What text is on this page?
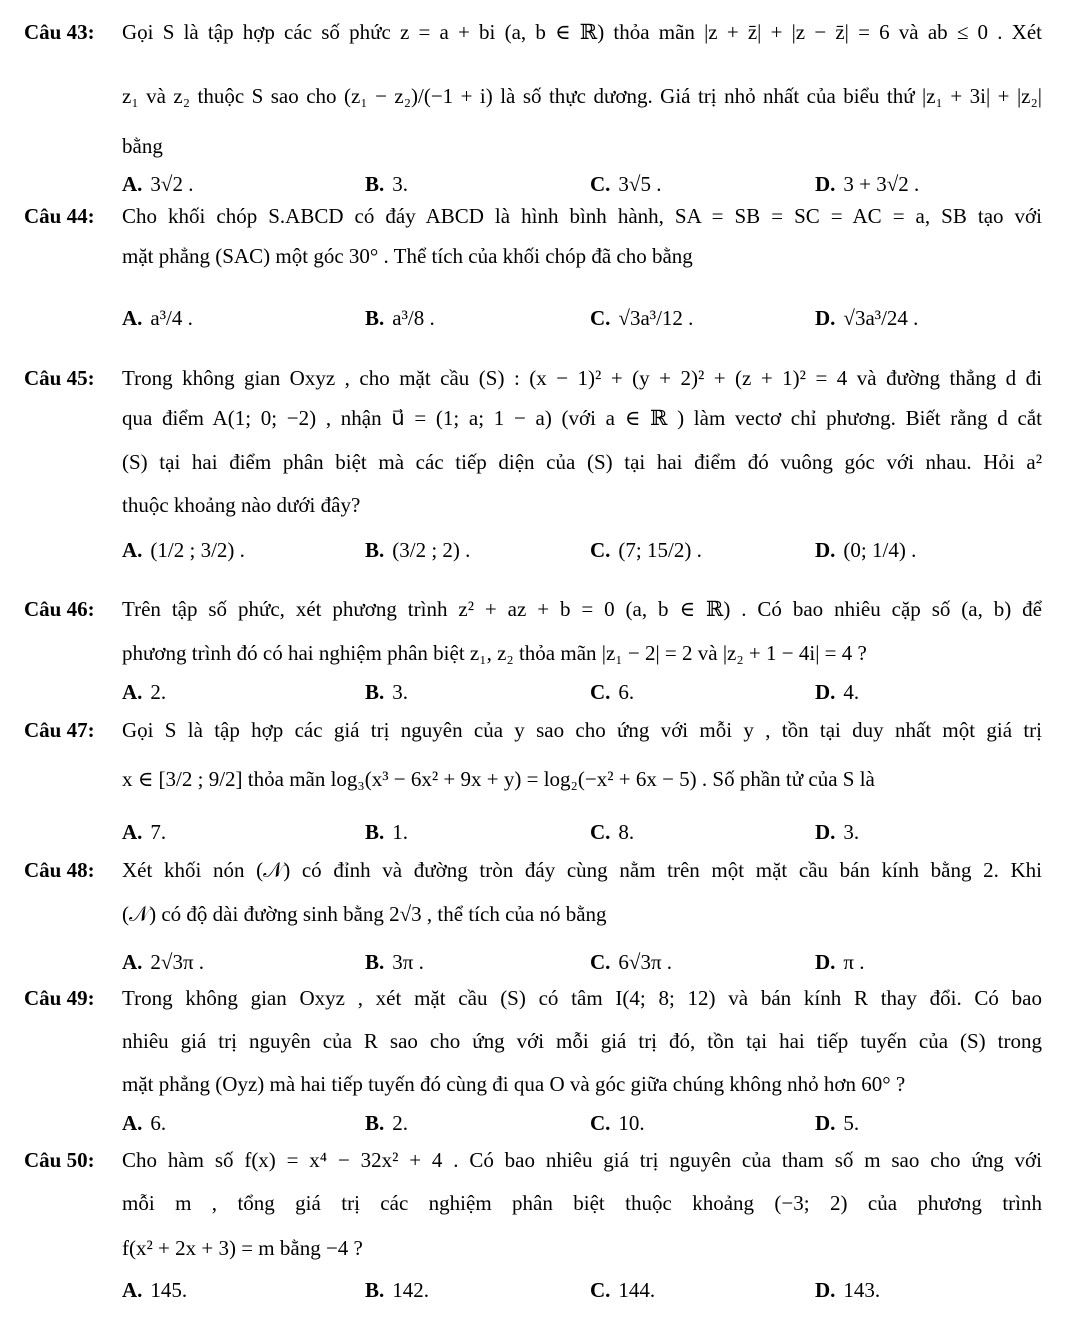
Câu 43: Gọi S là tập hợp các số phức z = a + bi (a, b ∈ ℝ) thỏa mãn |z + z̄| + |z − z̄| = 6 và ab ≤ 0 . Xét
z₁ và z₂ thuộc S sao cho (z₁ − z₂)/(−1 + i) là số thực dương. Giá trị nhỏ nhất của biểu thứ |z₁ + 3i| + |z₂|
bằng
A. 3√2 .	B. 3.	C. 3√5 .	D. 3 + 3√2 .
Câu 44: Cho khối chóp S.ABCD có đáy ABCD là hình bình hành, SA = SB = SC = AC = a, SB tạo với
mặt phẳng (SAC) một góc 30° . Thể tích của khối chóp đã cho bằng
A. a³/4 .	B. a³/8 .	C. √3a³/12 .	D. √3a³/24 .
Câu 45: Trong không gian Oxyz , cho mặt cầu (S) : (x − 1)² + (y + 2)² + (z + 1)² = 4 và đường thẳng d đi
qua điểm A(1; 0; −2) , nhận u⃗ = (1; a; 1 − a) (với a ∈ ℝ ) làm vectơ chỉ phương. Biết rằng d cắt
(S) tại hai điểm phân biệt mà các tiếp diện của (S) tại hai điểm đó vuông góc với nhau. Hỏi a²
thuộc khoảng nào dưới đây?
A. (1/2 ; 3/2) .	B. (3/2 ; 2) .	C. (7; 15/2) .	D. (0; 1/4) .
Câu 46: Trên tập số phức, xét phương trình z² + az + b = 0 (a, b ∈ ℝ) . Có bao nhiêu cặp số (a, b) để
phương trình đó có hai nghiệm phân biệt z₁, z₂ thỏa mãn |z₁ − 2| = 2 và |z₂ + 1 − 4i| = 4 ?
A. 2.	B. 3.	C. 6.	D. 4.
Câu 47: Gọi S là tập hợp các giá trị nguyên của y sao cho ứng với mỗi y , tồn tại duy nhất một giá trị
x ∈ [3/2 ; 9/2] thỏa mãn log₃(x³ − 6x² + 9x + y) = log₂(−x² + 6x − 5) . Số phần tử của S là
A. 7.	B. 1.	C. 8.	D. 3.
Câu 48: Xét khối nón (𝒩) có đỉnh và đường tròn đáy cùng nằm trên một mặt cầu bán kính bằng 2. Khi
(𝒩) có độ dài đường sinh bằng 2√3 , thể tích của nó bằng
A. 2√3π .	B. 3π .	C. 6√3π .	D. π .
Câu 49: Trong không gian Oxyz , xét mặt cầu (S) có tâm I(4; 8; 12) và bán kính R thay đổi. Có bao
nhiêu giá trị nguyên của R sao cho ứng với mỗi giá trị đó, tồn tại hai tiếp tuyến của (S) trong
mặt phẳng (Oyz) mà hai tiếp tuyến đó cùng đi qua O và góc giữa chúng không nhỏ hơn 60° ?
A. 6.	B. 2.	C. 10.	D. 5.
Câu 50: Cho hàm số f(x) = x⁴ − 32x² + 4 . Có bao nhiêu giá trị nguyên của tham số m sao cho ứng với
mỗi m , tổng giá trị các nghiệm phân biệt thuộc khoảng (−3; 2) của phương trình
f(x² + 2x + 3) = m bằng −4 ?
A. 145.	B. 142.	C. 144.	D. 143.
